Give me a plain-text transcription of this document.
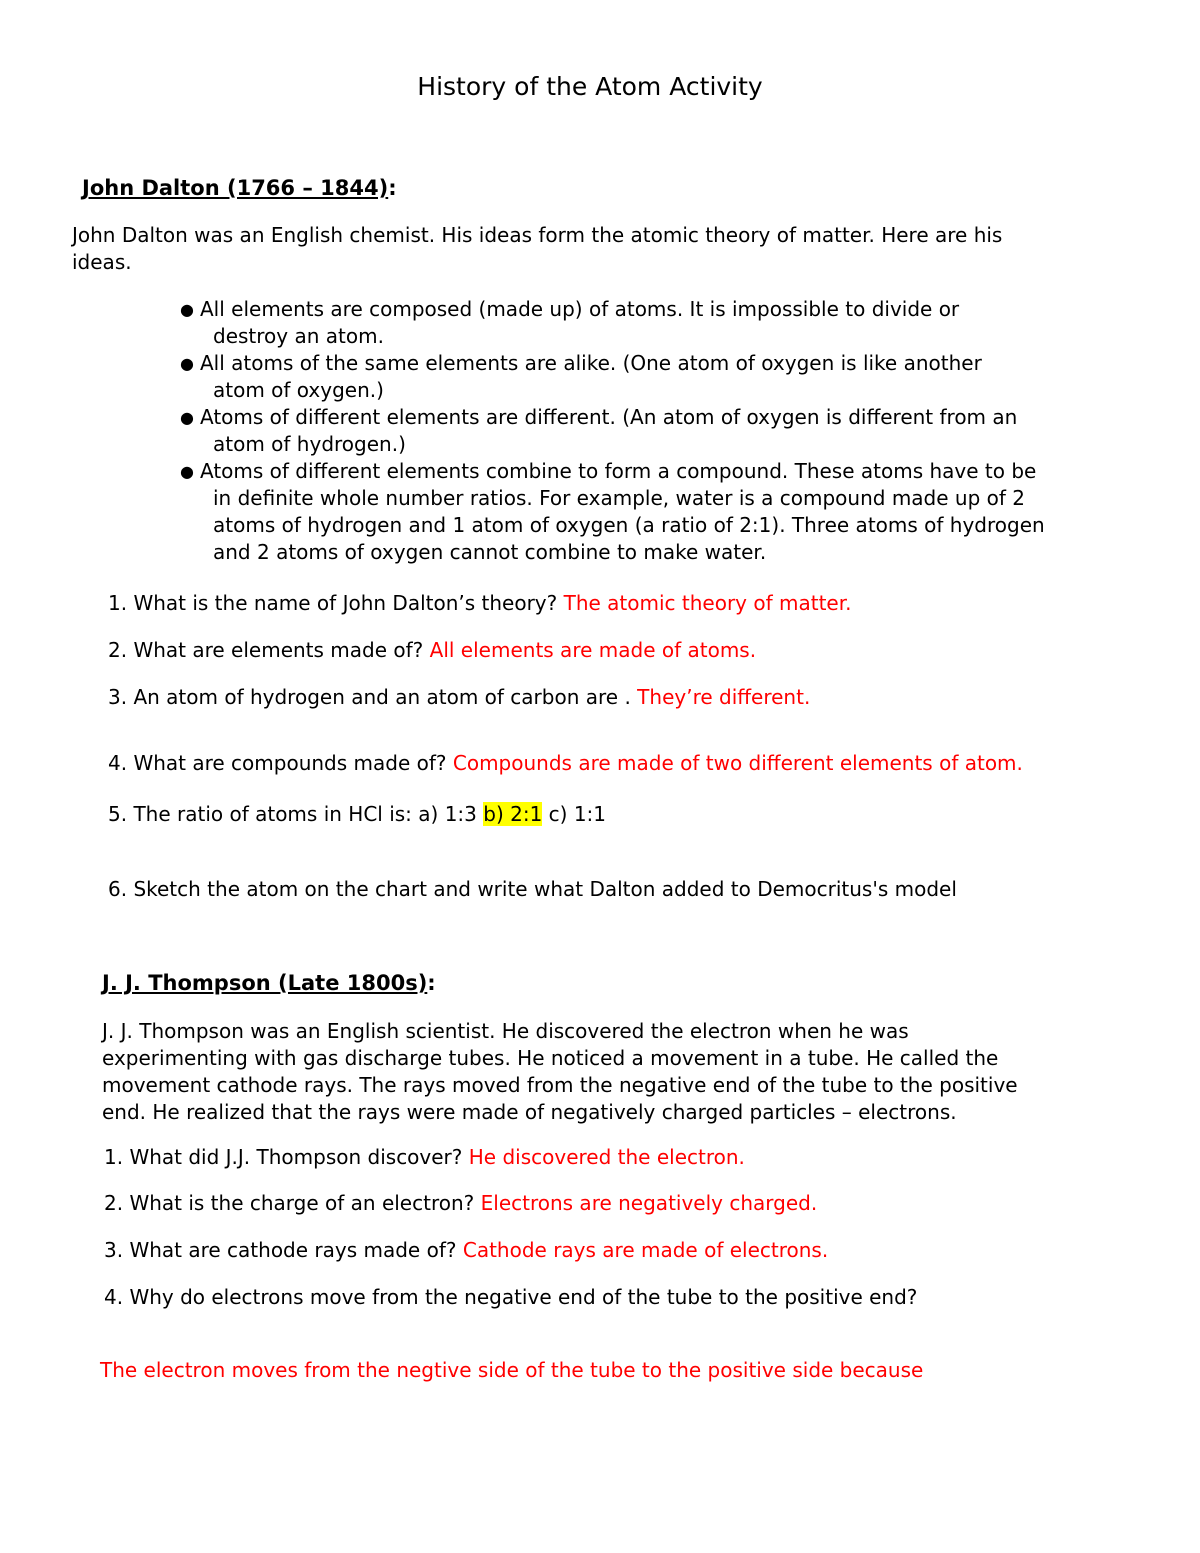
History of the Atom Activity
John Dalton (1766 – 1844):
John Dalton was an English chemist. His ideas form the atomic theory of matter. Here are his
ideas.
● All elements are composed (made up) of atoms. It is impossible to divide or
destroy an atom.
● All atoms of the same elements are alike. (One atom of oxygen is like another
atom of oxygen.)
● Atoms of different elements are different. (An atom of oxygen is different from an
atom of hydrogen.)
● Atoms of different elements combine to form a compound. These atoms have to be
in definite whole number ratios. For example, water is a compound made up of 2
atoms of hydrogen and 1 atom of oxygen (a ratio of 2:1). Three atoms of hydrogen
and 2 atoms of oxygen cannot combine to make water.
1. What is the name of John Dalton’s theory? The atomic theory of matter.
2. What are elements made of? All elements are made of atoms.
3. An atom of hydrogen and an atom of carbon are . They’re different.
4. What are compounds made of? Compounds are made of two different elements of atom.
5. The ratio of atoms in HCl is: a) 1:3 b) 2:1 c) 1:1
6. Sketch the atom on the chart and write what Dalton added to Democritus's model
J. J. Thompson (Late 1800s):
J. J. Thompson was an English scientist. He discovered the electron when he was
experimenting with gas discharge tubes. He noticed a movement in a tube. He called the
movement cathode rays. The rays moved from the negative end of the tube to the positive
end. He realized that the rays were made of negatively charged particles – electrons.
1. What did J.J. Thompson discover? He discovered the electron.
2. What is the charge of an electron? Electrons are negatively charged.
3. What are cathode rays made of? Cathode rays are made of electrons.
4. Why do electrons move from the negative end of the tube to the positive end?
The electron moves from the negtive side of the tube to the positive side because
